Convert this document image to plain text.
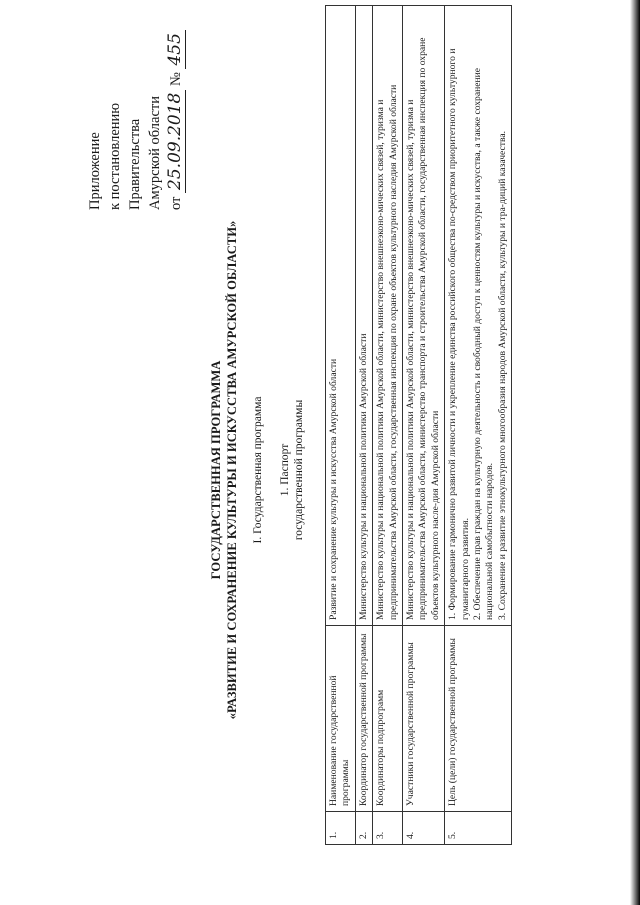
Приложение к постановлению Правительства Амурской области от 25.09.2018 № 455
ГОСУДАРСТВЕННАЯ ПРОГРАММА «РАЗВИТИЕ И СОХРАНЕНИЕ КУЛЬТУРЫ И ИСКУССТВА АМУРСКОЙ ОБЛАСТИ» I. Государственная программа 1. Паспорт государственной программы
1.	Наименование государственной программы	Развитие и сохранение культуры и искусства Амурской области
2.	Координатор государственной программы	Министерство культуры и национальной политики Амурской области
3.	Координаторы подпрограмм	Министерство культуры и национальной политики Амурской области, министерство внешнеэконо-мических связей, туризма и предпринимательства Амурской области, государственная инспекция по охране объектов культурного наследия Амурской области
4.	Участники государственной программы	Министерство культуры и национальной политики Амурской области, министерство внешнеэконо-мических связей, туризма и предпринимательства Амурской области, министерство транспорта и строительства Амурской области, государственная инспекция по охране объектов культурного насле-дия Амурской области
5.	Цель (цели) государственной программы	1. Формирование гармонично развитой личности и укрепление единства российского общества по-средством приоритетного культурного и гуманитарного развития. 2. Обеспечение прав граждан на культурную деятельность и свободный доступ к ценностям культуры и искусства, а также сохранение национальной самобытности народов. 3. Сохранение и развитие этнокультурного многообразия народов Амурской области, культуры и тра-диций казачества.
